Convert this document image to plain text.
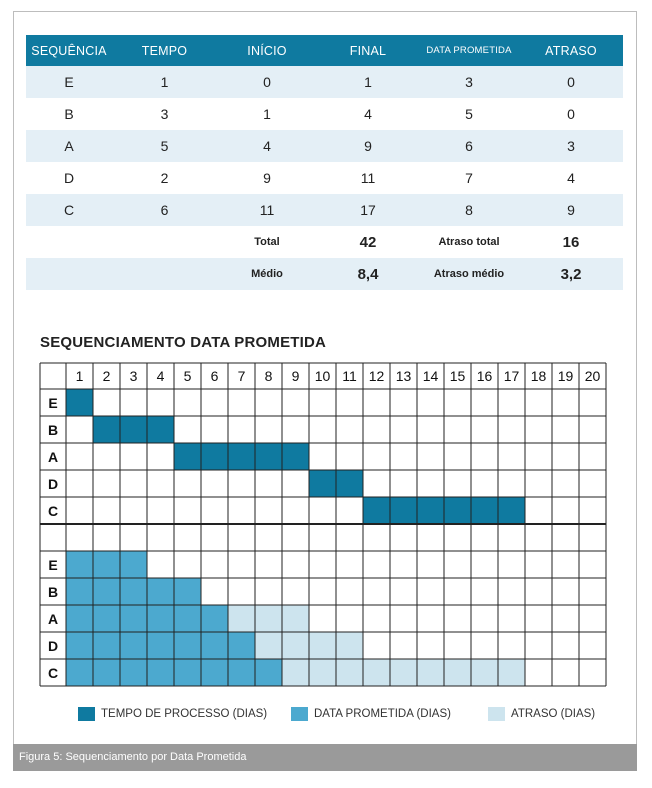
SEQUÊNCIA	TEMPO	INÍCIO	FINAL	DATA PROMETIDA	ATRASO
E	1	0	1	3	0
B	3	1	4	5	0
A	5	4	9	6	3
D	2	9	11	7	4
C	6	11	17	8	9
		Total	42	Atraso total	16
		Médio	8,4	Atraso médio	3,2
SEQUENCIAMENTO DATA PROMETIDA
1 2 3 4 5 6 7 8 9 10 11 12 13 14 15 16 17 18 19 20
E
B
A
D
C
E
B
A
D
C
TEMPO DE PROCESSO (DIAS)	DATA PROMETIDA (DIAS)	ATRASO (DIAS)
Figura 5: Sequenciamento por Data Prometida
